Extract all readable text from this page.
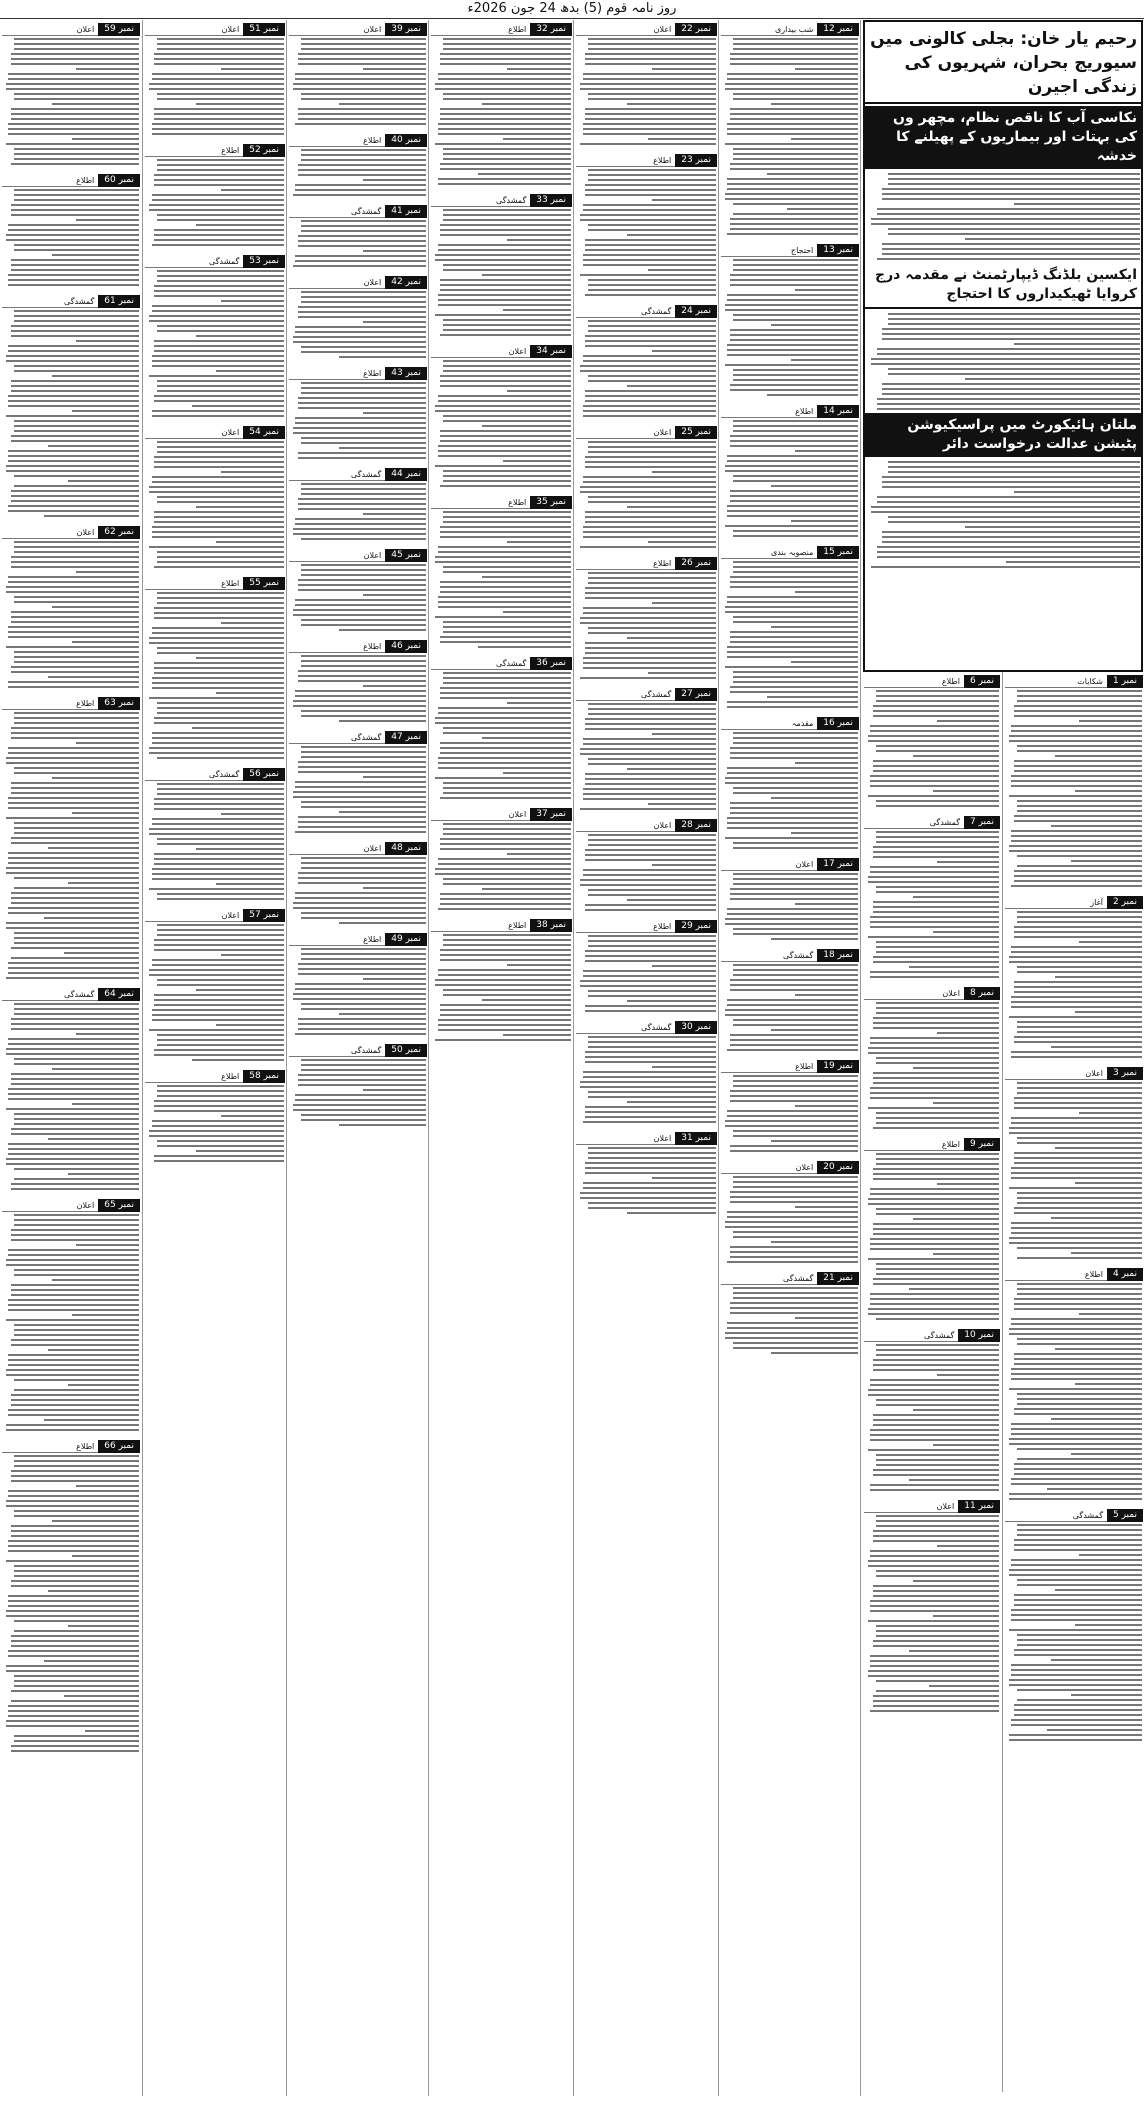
روز نامہ قوم (5) بدھ 24 جون 2026ء
رحیم یار خان: بجلی کالونی میں سیوریج بحران، شہریوں کی زندگی اجیرن
نکاسی آب کا ناقص نظام، مچھر وں کی بہتات اور بیماریوں کے پھیلنے کا خدشہ
ایکسین بلڈنگ ڈیپارٹمنٹ نے مقدمہ درج کروایا ٹھیکیداروں کا احتجاج
ملتان ہائیکورٹ میں پراسیکیوشن پٹیشن عدالت درخواست دائر
نمبر 1
شکایات
نمبر 2
آغاز
نمبر 3
اعلان
نمبر 4
اطلاع
نمبر 5
گمشدگی
نمبر 6
اطلاع
نمبر 7
گمشدگی
نمبر 8
اعلان
نمبر 9
اطلاع
نمبر 10
گمشدگی
نمبر 11
اعلان
نمبر 12
شب بیداری
نمبر 13
احتجاج
نمبر 14
اطلاع
نمبر 15
منصوبہ بندی
نمبر 16
مقدمہ
نمبر 17
اعلان
نمبر 18
گمشدگی
نمبر 19
اطلاع
نمبر 20
اعلان
نمبر 21
گمشدگی
نمبر 22
اعلان
نمبر 23
اطلاع
نمبر 24
گمشدگی
نمبر 25
اعلان
نمبر 26
اطلاع
نمبر 27
گمشدگی
نمبر 28
اعلان
نمبر 29
اطلاع
نمبر 30
گمشدگی
نمبر 31
اعلان
نمبر 32
اطلاع
نمبر 33
گمشدگی
نمبر 34
اعلان
نمبر 35
اطلاع
نمبر 36
گمشدگی
نمبر 37
اعلان
نمبر 38
اطلاع
نمبر 39
اعلان
نمبر 40
اطلاع
نمبر 41
گمشدگی
نمبر 42
اعلان
نمبر 43
اطلاع
نمبر 44
گمشدگی
نمبر 45
اعلان
نمبر 46
اطلاع
نمبر 47
گمشدگی
نمبر 48
اعلان
نمبر 49
اطلاع
نمبر 50
گمشدگی
نمبر 51
اعلان
نمبر 52
اطلاع
نمبر 53
گمشدگی
نمبر 54
اعلان
نمبر 55
اطلاع
نمبر 56
گمشدگی
نمبر 57
اعلان
نمبر 58
اطلاع
نمبر 59
اعلان
نمبر 60
اطلاع
نمبر 61
گمشدگی
نمبر 62
اعلان
نمبر 63
اطلاع
نمبر 64
گمشدگی
نمبر 65
اعلان
نمبر 66
اطلاع
